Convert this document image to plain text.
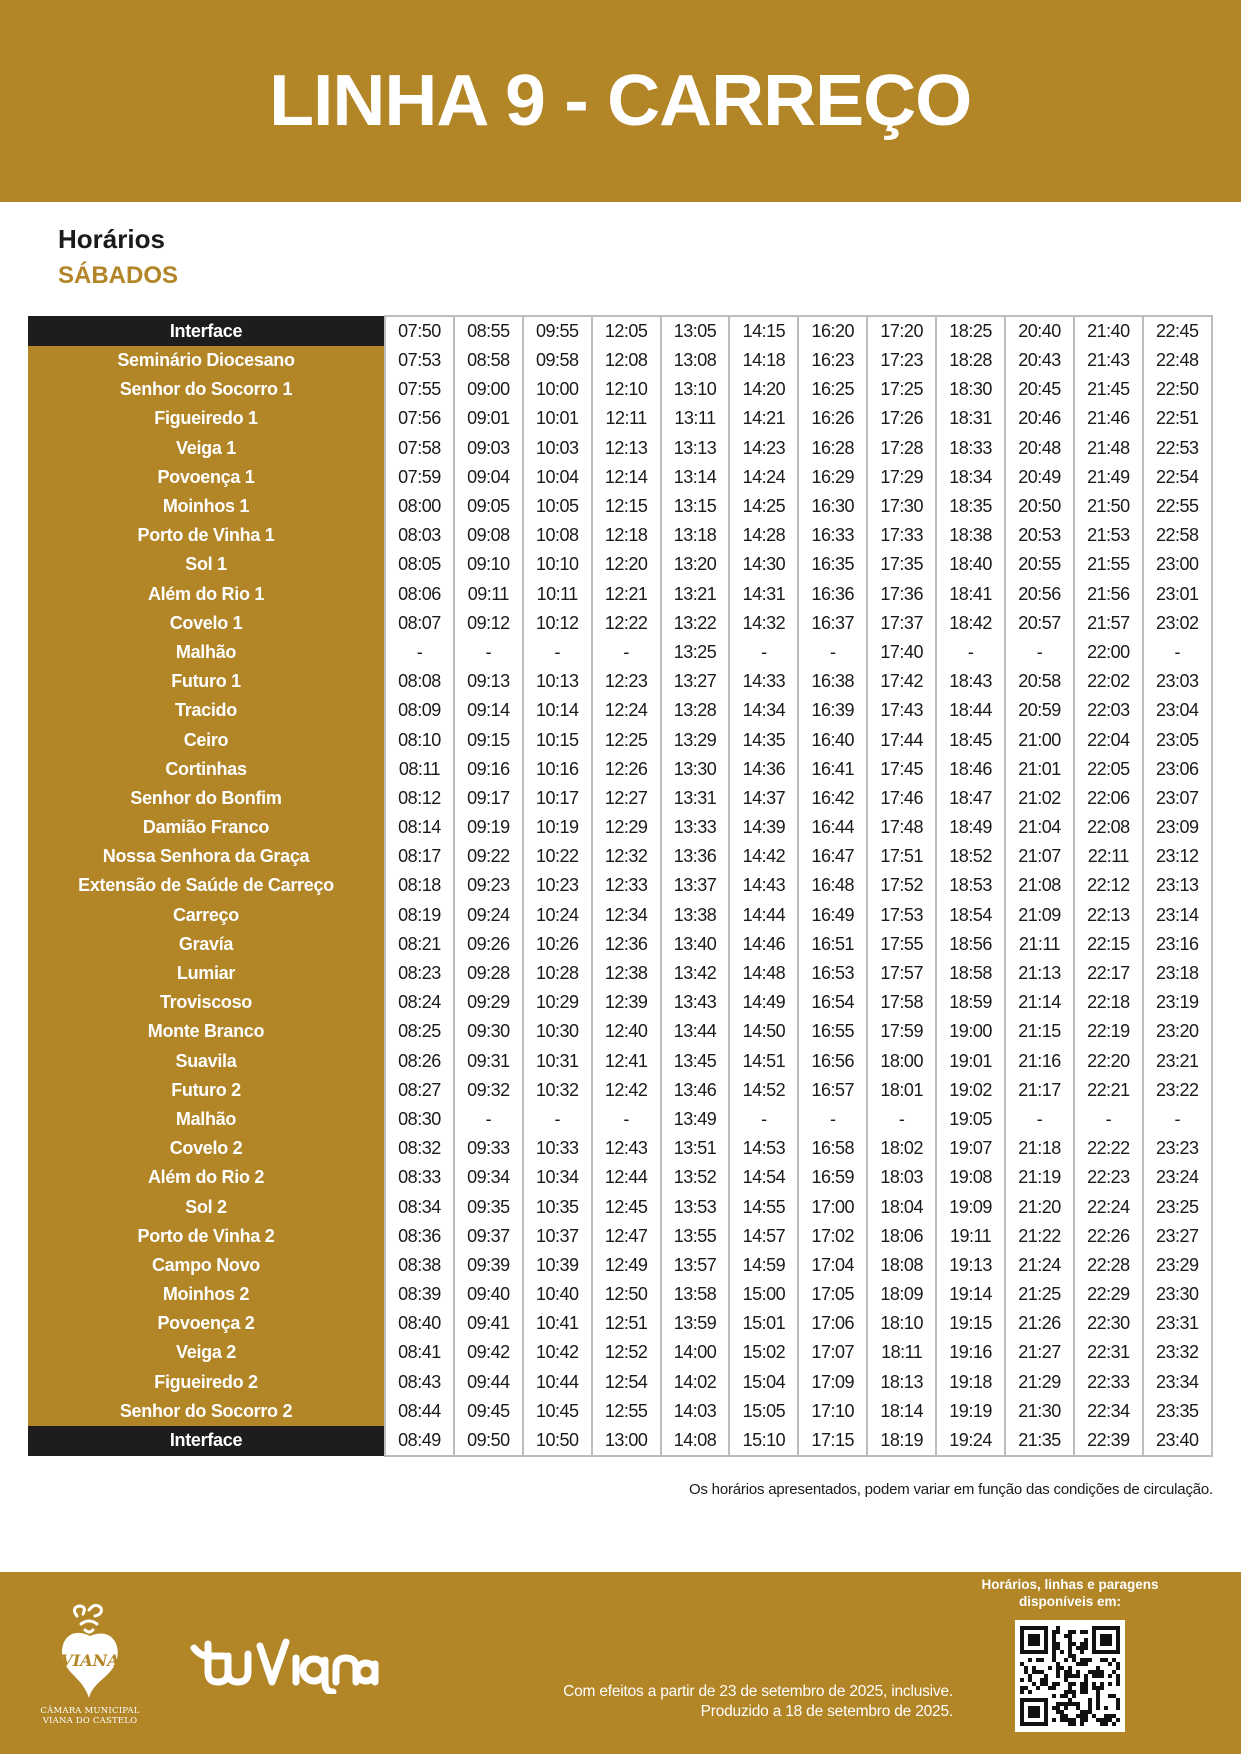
LINHA 9 - CARREÇO
Horários
SÁBADOS
Interface	07:50	08:55	09:55	12:05	13:05	14:15	16:20	17:20	18:25	20:40	21:40	22:45
Seminário Diocesano	07:53	08:58	09:58	12:08	13:08	14:18	16:23	17:23	18:28	20:43	21:43	22:48
Senhor do Socorro 1	07:55	09:00	10:00	12:10	13:10	14:20	16:25	17:25	18:30	20:45	21:45	22:50
Figueiredo 1	07:56	09:01	10:01	12:11	13:11	14:21	16:26	17:26	18:31	20:46	21:46	22:51
Veiga 1	07:58	09:03	10:03	12:13	13:13	14:23	16:28	17:28	18:33	20:48	21:48	22:53
Povoença 1	07:59	09:04	10:04	12:14	13:14	14:24	16:29	17:29	18:34	20:49	21:49	22:54
Moinhos 1	08:00	09:05	10:05	12:15	13:15	14:25	16:30	17:30	18:35	20:50	21:50	22:55
Porto de Vinha 1	08:03	09:08	10:08	12:18	13:18	14:28	16:33	17:33	18:38	20:53	21:53	22:58
Sol 1	08:05	09:10	10:10	12:20	13:20	14:30	16:35	17:35	18:40	20:55	21:55	23:00
Além do Rio 1	08:06	09:11	10:11	12:21	13:21	14:31	16:36	17:36	18:41	20:56	21:56	23:01
Covelo 1	08:07	09:12	10:12	12:22	13:22	14:32	16:37	17:37	18:42	20:57	21:57	23:02
Malhão	-	-	-	-	13:25	-	-	17:40	-	-	22:00	-
Futuro 1	08:08	09:13	10:13	12:23	13:27	14:33	16:38	17:42	18:43	20:58	22:02	23:03
Tracido	08:09	09:14	10:14	12:24	13:28	14:34	16:39	17:43	18:44	20:59	22:03	23:04
Ceiro	08:10	09:15	10:15	12:25	13:29	14:35	16:40	17:44	18:45	21:00	22:04	23:05
Cortinhas	08:11	09:16	10:16	12:26	13:30	14:36	16:41	17:45	18:46	21:01	22:05	23:06
Senhor do Bonfim	08:12	09:17	10:17	12:27	13:31	14:37	16:42	17:46	18:47	21:02	22:06	23:07
Damião Franco	08:14	09:19	10:19	12:29	13:33	14:39	16:44	17:48	18:49	21:04	22:08	23:09
Nossa Senhora da Graça	08:17	09:22	10:22	12:32	13:36	14:42	16:47	17:51	18:52	21:07	22:11	23:12
Extensão de Saúde de Carreço	08:18	09:23	10:23	12:33	13:37	14:43	16:48	17:52	18:53	21:08	22:12	23:13
Carreço	08:19	09:24	10:24	12:34	13:38	14:44	16:49	17:53	18:54	21:09	22:13	23:14
Gravía	08:21	09:26	10:26	12:36	13:40	14:46	16:51	17:55	18:56	21:11	22:15	23:16
Lumiar	08:23	09:28	10:28	12:38	13:42	14:48	16:53	17:57	18:58	21:13	22:17	23:18
Troviscoso	08:24	09:29	10:29	12:39	13:43	14:49	16:54	17:58	18:59	21:14	22:18	23:19
Monte Branco	08:25	09:30	10:30	12:40	13:44	14:50	16:55	17:59	19:00	21:15	22:19	23:20
Suavila	08:26	09:31	10:31	12:41	13:45	14:51	16:56	18:00	19:01	21:16	22:20	23:21
Futuro 2	08:27	09:32	10:32	12:42	13:46	14:52	16:57	18:01	19:02	21:17	22:21	23:22
Malhão	08:30	-	-	-	13:49	-	-	-	19:05	-	-	-
Covelo 2	08:32	09:33	10:33	12:43	13:51	14:53	16:58	18:02	19:07	21:18	22:22	23:23
Além do Rio 2	08:33	09:34	10:34	12:44	13:52	14:54	16:59	18:03	19:08	21:19	22:23	23:24
Sol 2	08:34	09:35	10:35	12:45	13:53	14:55	17:00	18:04	19:09	21:20	22:24	23:25
Porto de Vinha 2	08:36	09:37	10:37	12:47	13:55	14:57	17:02	18:06	19:11	21:22	22:26	23:27
Campo Novo	08:38	09:39	10:39	12:49	13:57	14:59	17:04	18:08	19:13	21:24	22:28	23:29
Moinhos 2	08:39	09:40	10:40	12:50	13:58	15:00	17:05	18:09	19:14	21:25	22:29	23:30
Povoença 2	08:40	09:41	10:41	12:51	13:59	15:01	17:06	18:10	19:15	21:26	22:30	23:31
Veiga 2	08:41	09:42	10:42	12:52	14:00	15:02	17:07	18:11	19:16	21:27	22:31	23:32
Figueiredo 2	08:43	09:44	10:44	12:54	14:02	15:04	17:09	18:13	19:18	21:29	22:33	23:34
Senhor do Socorro 2	08:44	09:45	10:45	12:55	14:03	15:05	17:10	18:14	19:19	21:30	22:34	23:35
Interface	08:49	09:50	10:50	13:00	14:08	15:10	17:15	18:19	19:24	21:35	22:39	23:40
Os horários apresentados, podem variar em função das condições de circulação.
VIANA
CÂMARA MUNICIPAL
VIANA DO CASTELO
Com efeitos a partir de 23 de setembro de 2025, inclusive.
Produzido a 18 de setembro de 2025.
Horários, linhas e paragens
disponíveis em:
